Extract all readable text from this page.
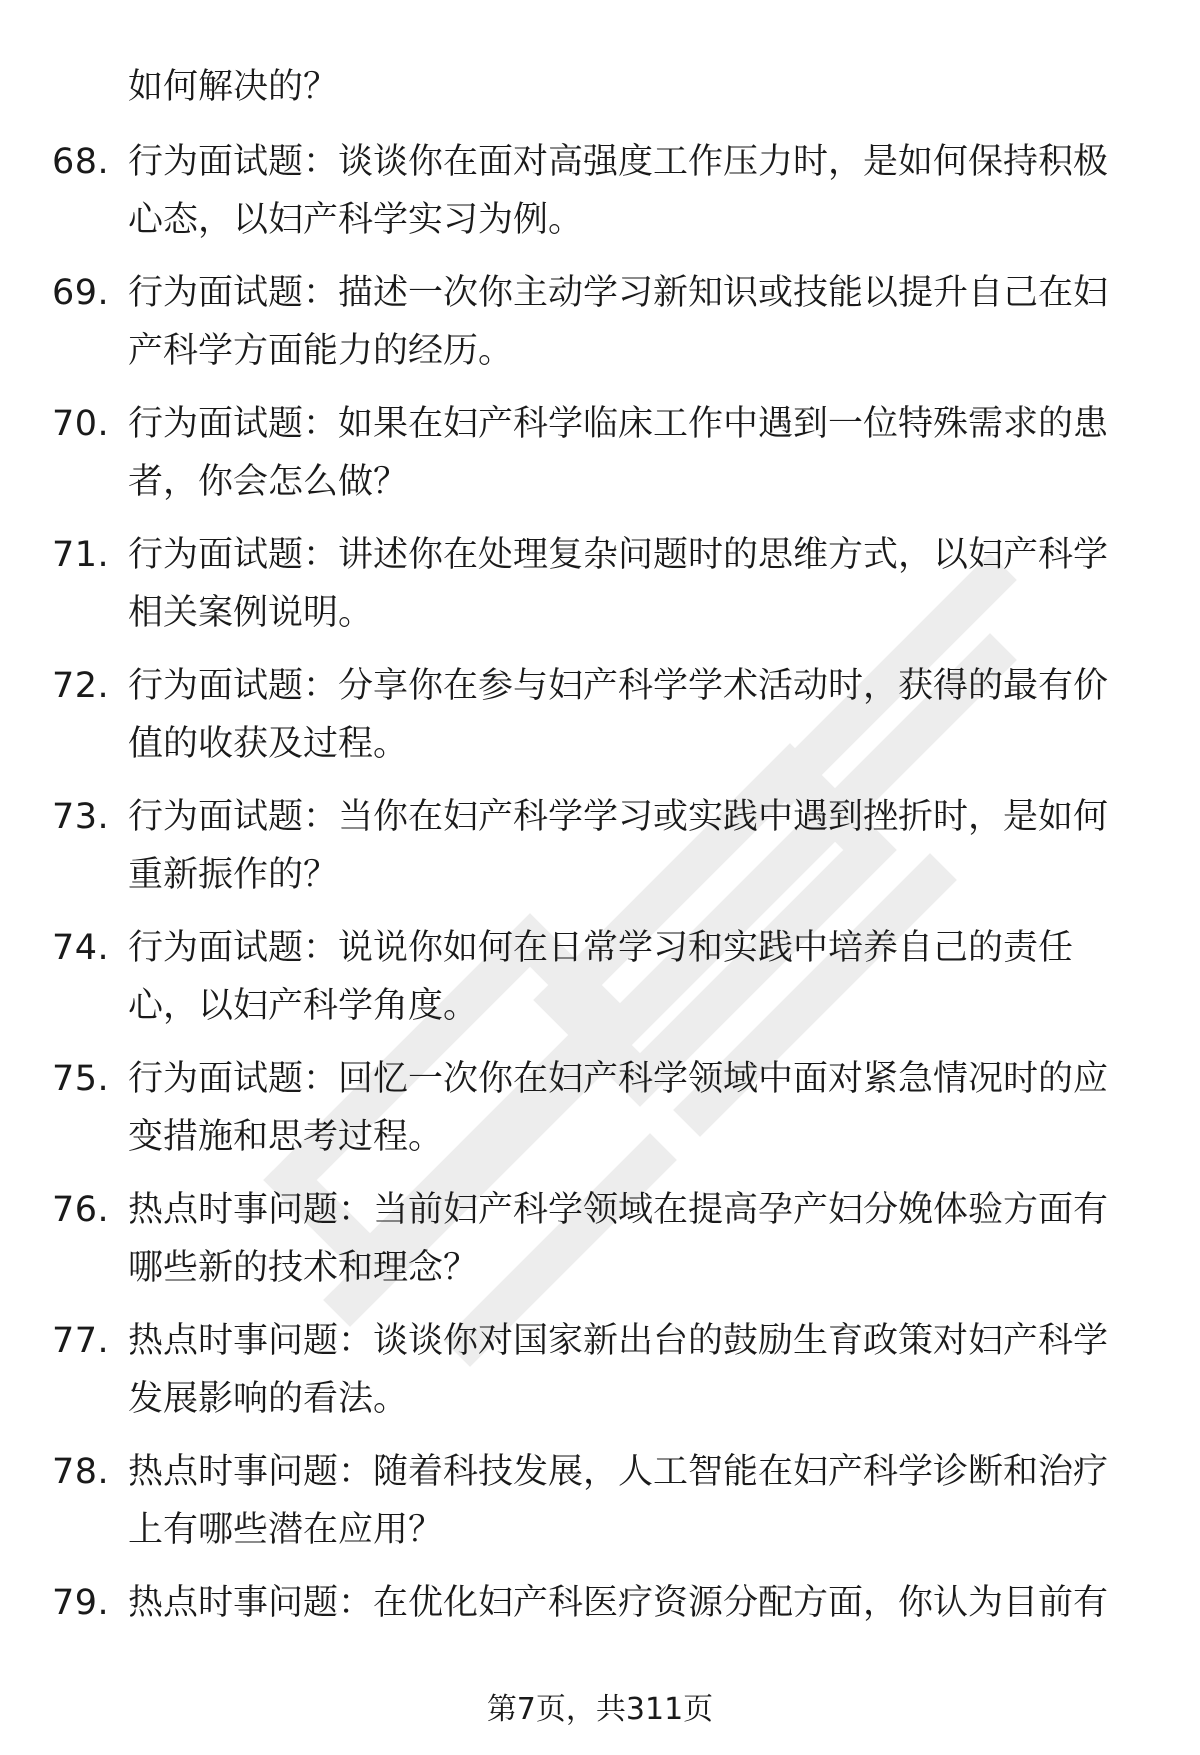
如何解决的？
68. 行为面试题：谈谈你在面对高强度工作压力时，是如何保持积极心态，以妇产科学实习为例。
69. 行为面试题：描述一次你主动学习新知识或技能以提升自己在妇产科学方面能力的经历。
70. 行为面试题：如果在妇产科学临床工作中遇到一位特殊需求的患者，你会怎么做？
71. 行为面试题：讲述你在处理复杂问题时的思维方式，以妇产科学相关案例说明。
72. 行为面试题：分享你在参与妇产科学学术活动时，获得的最有价值的收获及过程。
73. 行为面试题：当你在妇产科学学习或实践中遇到挫折时，是如何重新振作的？
74. 行为面试题：说说你如何在日常学习和实践中培养自己的责任心，以妇产科学角度。
75. 行为面试题：回忆一次你在妇产科学领域中面对紧急情况时的应变措施和思考过程。
76. 热点时事问题：当前妇产科学领域在提高孕产妇分娩体验方面有哪些新的技术和理念？
77. 热点时事问题：谈谈你对国家新出台的鼓励生育政策对妇产科学发展影响的看法。
78. 热点时事问题：随着科技发展，人工智能在妇产科学诊断和治疗上有哪些潜在应用？
79. 热点时事问题：在优化妇产科医疗资源分配方面，你认为目前有
第7页，共311页
